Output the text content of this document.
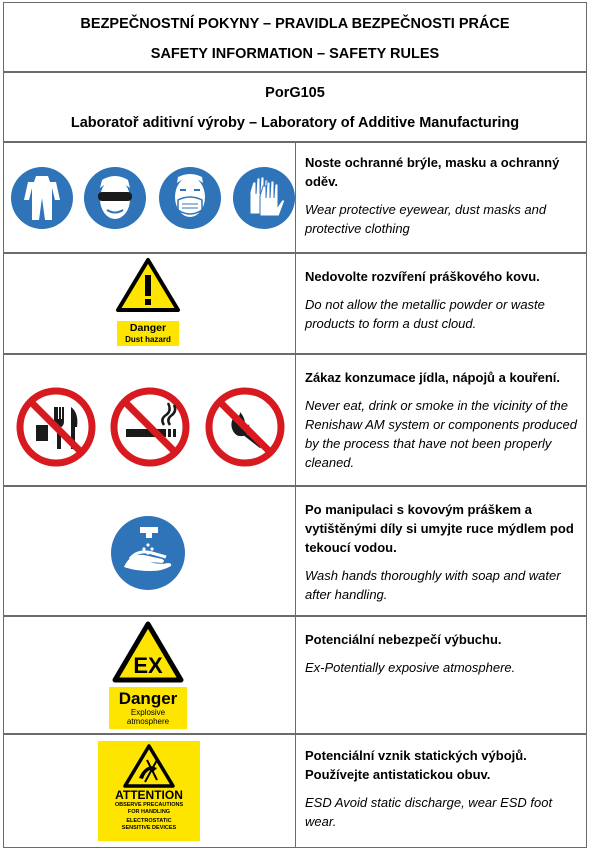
BEZPEČNOSTNÍ POKYNY – PRAVIDLA BEZPEČNOSTI PRÁCE
SAFETY INFORMATION – SAFETY RULES
PorG105
Laboratoř aditivní výroby – Laboratory of Additive Manufacturing
Noste ochranné brýle, masku a ochranný oděv.
Wear protective eyewear, dust masks and protective clothing
Danger
Dust hazard
Nedovolte rozvíření práškového kovu.
Do not allow the metallic powder or waste products to form a dust cloud.
Zákaz konzumace jídla, nápojů a kouření.
Never eat, drink or smoke in the vicinity of the Renishaw AM system or components produced by the process that have not been properly cleaned.
Po manipulaci s kovovým práškem a vytištěnými díly si umyjte ruce mýdlem pod tekoucí vodou.
Wash hands thoroughly with soap and water after handling.
EX
Danger
Explosive
atmosphere
Potenciální nebezpečí výbuchu.
Ex-Potentially exposive atmosphere.
ATTENTION
OBSERVE PRECAUTIONS
FOR HANDLING
ELECTROSTATIC
SENSITIVE DEVICES
Potenciální vznik statických výbojů. Používejte antistatickou obuv.
ESD Avoid static discharge, wear ESD foot wear.
